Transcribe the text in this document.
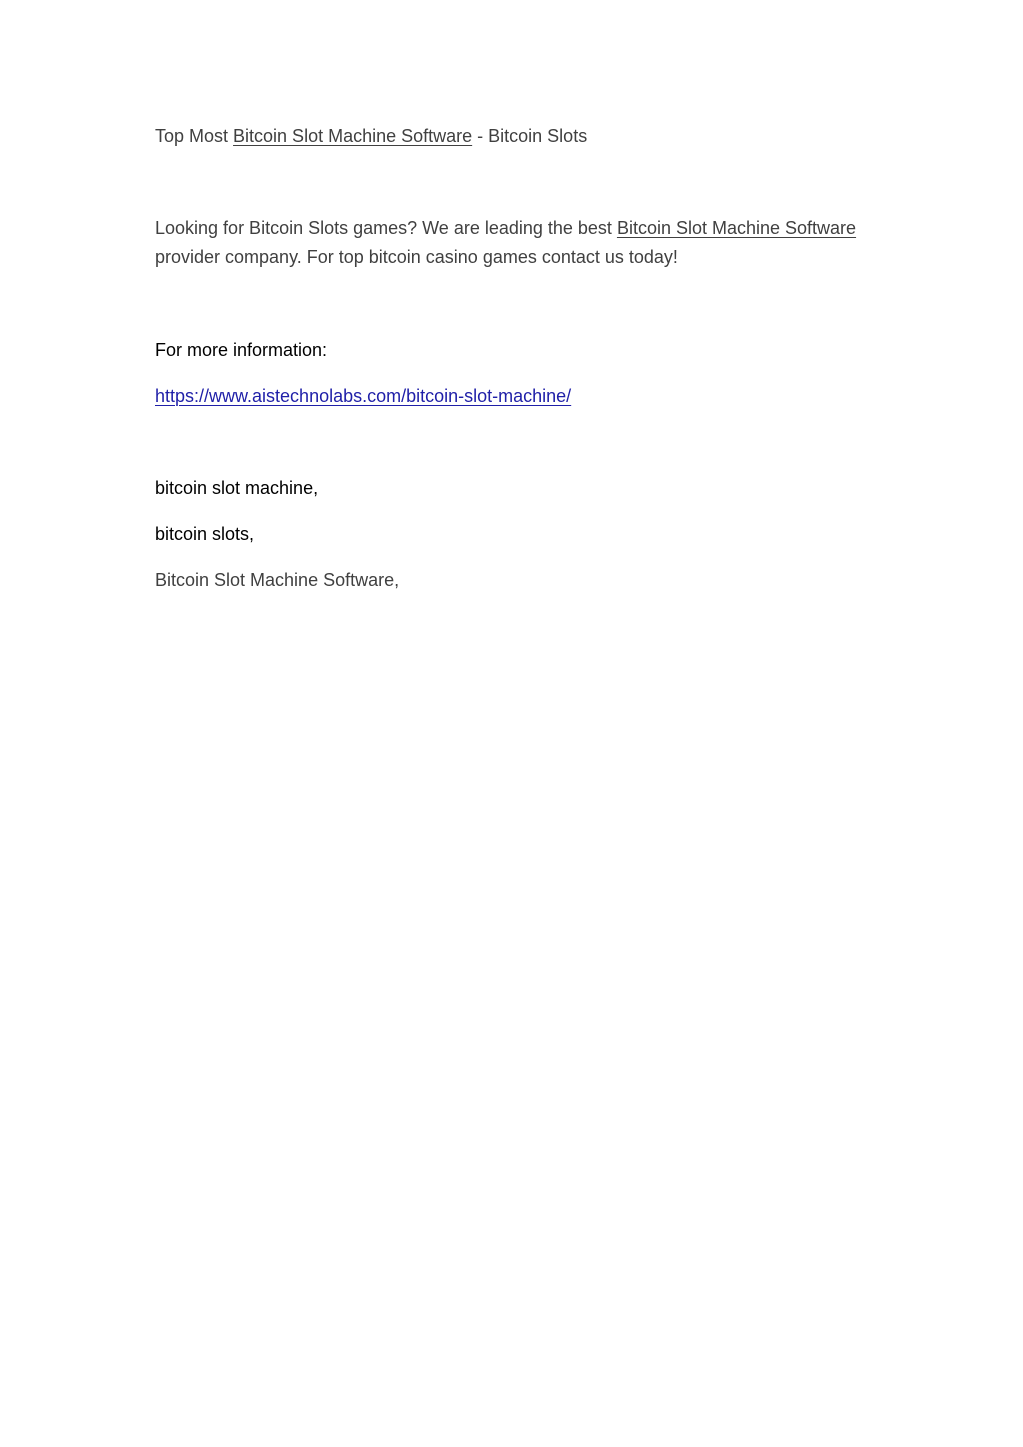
Top Most Bitcoin Slot Machine Software - Bitcoin Slots

Looking for Bitcoin Slots games? We are leading the best Bitcoin Slot Machine Software

provider company. For top bitcoin casino games contact us today!

For more information:

https://www.aistechnolabs.com/bitcoin-slot-machine/

bitcoin slot machine,

bitcoin slots,

Bitcoin Slot Machine Software,
